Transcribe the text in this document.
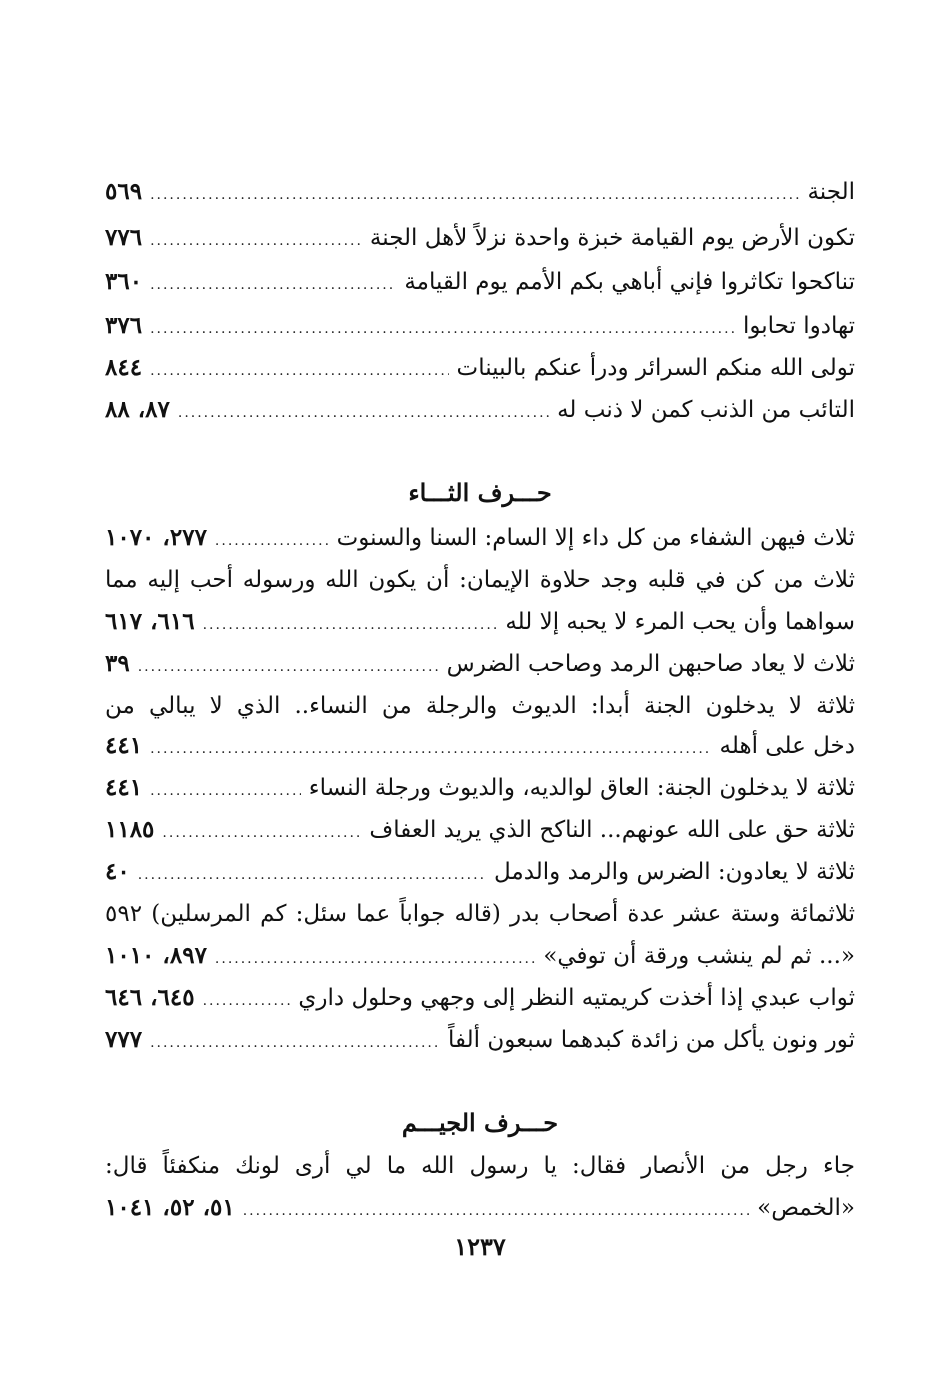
الجنة
.....
٥٦٩
تكون الأرض يوم القيامة خبزة واحدة نزلاً لأهل الجنة
.....
٧٧٦
تناكحوا تكاثروا فإني أباهي بكم الأمم يوم القيامة
.....
٣٦٠
تهادوا تحابوا
.....
٣٧٦
تولى الله منكم السرائر ودرأ عنكم بالبينات
.....
٨٤٤
التائب من الذنب كمن لا ذنب له
.....
٨٧، ٨٨
حـــرف الثـــاء
ثلاث فيهن الشفاء من كل داء إلا السام: السنا والسنوت
.....
٢٧٧، ١٠٧٠
ثلاث من كن في قلبه وجد حلاوة الإيمان: أن يكون الله ورسوله أحب إليه مما
سواهما وأن يحب المرء لا يحبه إلا لله
.....
٦١٦، ٦١٧
ثلاث لا يعاد صاحبهن الرمد وصاحب الضرس
.....
٣٩
ثلاثة لا يدخلون الجنة أبدا: الديوث والرجلة من النساء.. الذي لا يبالي من
دخل على أهله
.....
٤٤١
ثلاثة لا يدخلون الجنة: العاق لوالديه، والديوث ورجلة النساء
.....
٤٤١
ثلاثة حق على الله عونهم... الناكح الذي يريد العفاف
.....
١١٨٥
ثلاثة لا يعادون: الضرس والرمد والدمل
.....
٤٠
ثلاثمائة وستة عشر عدة أصحاب بدر (قاله جواباً عما سئل: كم المرسلين) ٥٩٢
«... ثم لم ينشب ورقة أن توفي»
.....
٨٩٧، ١٠١٠
ثواب عبدي إذا أخذت كريمتيه النظر إلى وجهي وحلول داري
.....
٦٤٥، ٦٤٦
ثور ونون يأكل من زائدة كبدهما سبعون ألفاً
.....
٧٧٧
حـــرف الجيـــم
جاء رجل من الأنصار فقال: يا رسول الله ما لي أرى لونك منكفئاً قال:
«الخمص»
.....
٥١، ٥٢، ١٠٤١
١٢٣٧
